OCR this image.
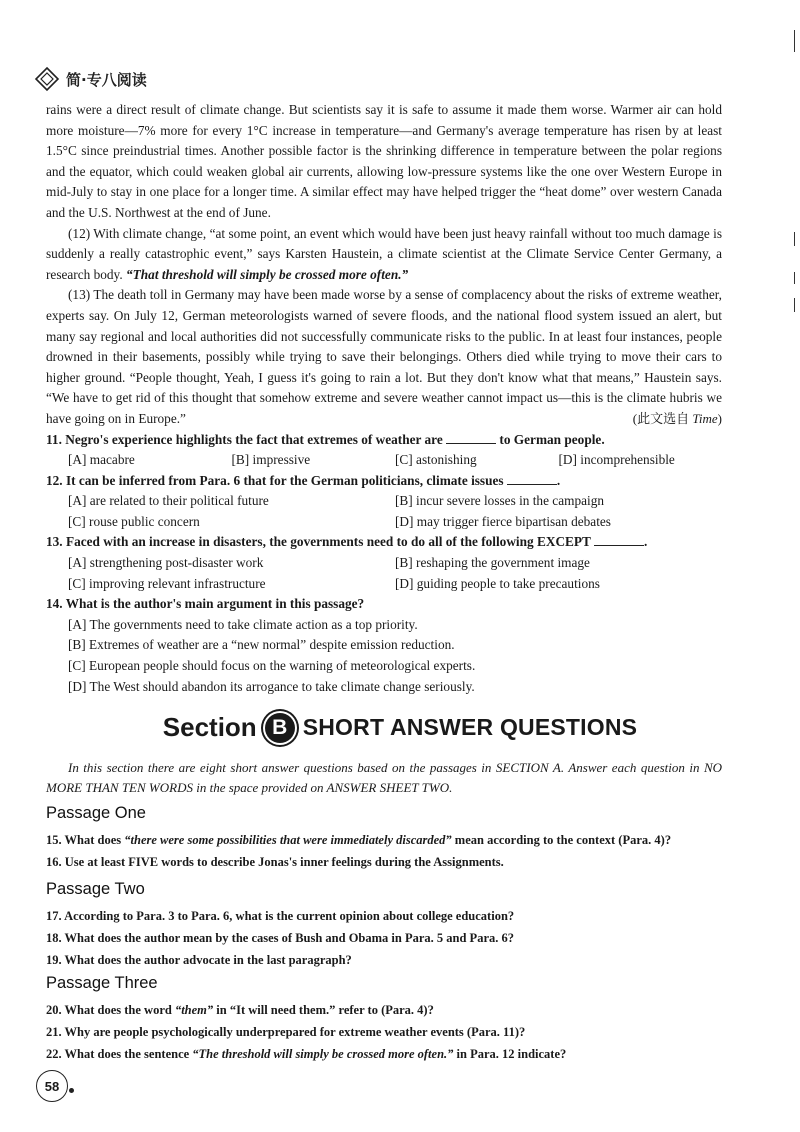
简·专八阅读

rains were a direct result of climate change. But scientists say it is safe to assume it made them worse. Warmer air can hold more moisture—7% more for every 1°C increase in temperature—and Germany's average temperature has risen by at least 1.5°C since preindustrial times. Another possible factor is the shrinking difference in temperature between the polar regions and the equator, which could weaken global air currents, allowing low-pressure systems like the one over Western Europe in mid-July to stay in one place for a longer time. A similar effect may have helped trigger the “heat dome” over western Canada and the U.S. Northwest at the end of June.

(12) With climate change, “at some point, an event which would have been just heavy rainfall without too much damage is suddenly a really catastrophic event,” says Karsten Haustein, a climate scientist at the Climate Service Center Germany, a research body. “That threshold will simply be crossed more often.”

(13) The death toll in Germany may have been made worse by a sense of complacency about the risks of extreme weather, experts say. On July 12, German meteorologists warned of severe floods, and the national flood system issued an alert, but many say regional and local authorities did not successfully communicate risks to the public. In at least four instances, people drowned in their basements, possibly while trying to save their belongings. Others died while trying to move their cars to higher ground. “People thought, Yeah, I guess it's going to rain a lot. But they don't know what that means,” Haustein says. “We have to get rid of this thought that somehow extreme and severe weather cannot impact us—this is the climate hubris we have going on in Europe.”	(此文选自 Time)

11. Negro's experience highlights the fact that extremes of weather are	to German people.

[A] macabre	[B] impressive	[C] astonishing	[D] incomprehensible

12. It can be inferred from Para. 6 that for the German politicians, climate issues	.

[A] are related to their political future	[B] incur severe losses in the campaign
[C] rouse public concern	[D] may trigger fierce bipartisan debates

13. Faced with an increase in disasters, the governments need to do all of the following EXCEPT	.

[A] strengthening post-disaster work	[B] reshaping the government image
[C] improving relevant infrastructure	[D] guiding people to take precautions

14. What is the author's main argument in this passage?

[A] The governments need to take climate action as a top priority.
[B] Extremes of weather are a “new normal” despite emission reduction.
[C] European people should focus on the warning of meteorological experts.
[D] The West should abandon its arrogance to take climate change seriously.
Section B SHORT ANSWER QUESTIONS

In this section there are eight short answer questions based on the passages in SECTION A. Answer each question in NO MORE THAN TEN WORDS in the space provided on ANSWER SHEET TWO.

Passage One

15. What does “there were some possibilities that were immediately discarded” mean according to the context (Para. 4)?

16. Use at least FIVE words to describe Jonas's inner feelings during the Assignments.

Passage Two

17. According to Para. 3 to Para. 6, what is the current opinion about college education?

18. What does the author mean by the cases of Bush and Obama in Para. 5 and Para. 6?

19. What does the author advocate in the last paragraph?

Passage Three

20. What does the word “them” in “It will need them.” refer to (Para. 4)?

21. Why are people psychologically underprepared for extreme weather events (Para. 11)?

22. What does the sentence “The threshold will simply be crossed more often.” in Para. 12 indicate?

58
